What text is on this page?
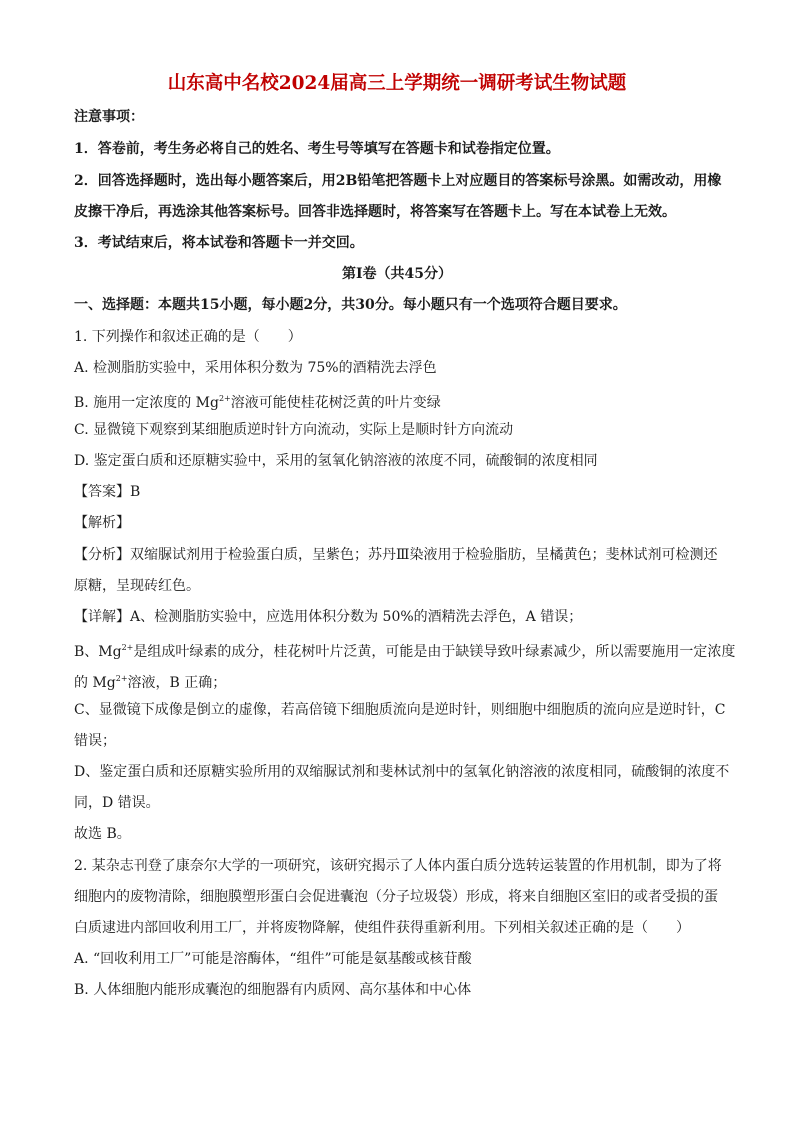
山东高中名校2024届高三上学期统一调研考试生物试题
注意事项：
1．答卷前，考生务必将自己的姓名、考生号等填写在答题卡和试卷指定位置。
2．回答选择题时，选出每小题答案后，用2B铅笔把答题卡上对应题目的答案标号涂黑。如需改动，用橡
皮擦干净后，再选涂其他答案标号。回答非选择题时，将答案写在答题卡上。写在本试卷上无效。
3．考试结束后，将本试卷和答题卡一并交回。
第Ⅰ卷（共45分）
一、选择题：本题共15小题，每小题2分，共30分。每小题只有一个选项符合题目要求。
1. 下列操作和叙述正确的是（　　）
A. 检测脂肪实验中，采用体积分数为 75%的酒精洗去浮色
B. 施用一定浓度的 $Mg^{2+}$溶液可能使桂花树泛黄的叶片变绿
C. 显微镜下观察到某细胞质逆时针方向流动，实际上是顺时针方向流动
D. 鉴定蛋白质和还原糖实验中，采用的氢氧化钠溶液的浓度不同，硫酸铜的浓度相同
【答案】B
【解析】
【分析】双缩脲试剂用于检验蛋白质，呈紫色；苏丹Ⅲ染液用于检验脂肪，呈橘黄色；斐林试剂可检测还
原糖，呈现砖红色。
【详解】A、检测脂肪实验中，应选用体积分数为 50%的酒精洗去浮色，A 错误；
B、$Mg^{2+}$是组成叶绿素的成分，桂花树叶片泛黄，可能是由于缺镁导致叶绿素减少，所以需要施用一定浓度
的 $Mg^{2+}$溶液，B 正确；
C、显微镜下成像是倒立的虚像，若高倍镜下细胞质流向是逆时针，则细胞中细胞质的流向应是逆时针，C
错误；
D、鉴定蛋白质和还原糖实验所用的双缩脲试剂和斐林试剂中的氢氧化钠溶液的浓度相同，硫酸铜的浓度不
同，D 错误。
故选 B。
2. 某杂志刊登了康奈尔大学的一项研究，该研究揭示了人体内蛋白质分选转运装置的作用机制，即为了将
细胞内的废物清除，细胞膜塑形蛋白会促进囊泡（分子垃圾袋）形成，将来自细胞区室旧的或者受损的蛋
白质逮进内部回收利用工厂，并将废物降解，使组件获得重新利用。下列相关叙述正确的是（　　）
A. “回收利用工厂”可能是溶酶体，“组件”可能是氨基酸或核苷酸
B. 人体细胞内能形成囊泡的细胞器有内质网、高尔基体和中心体
